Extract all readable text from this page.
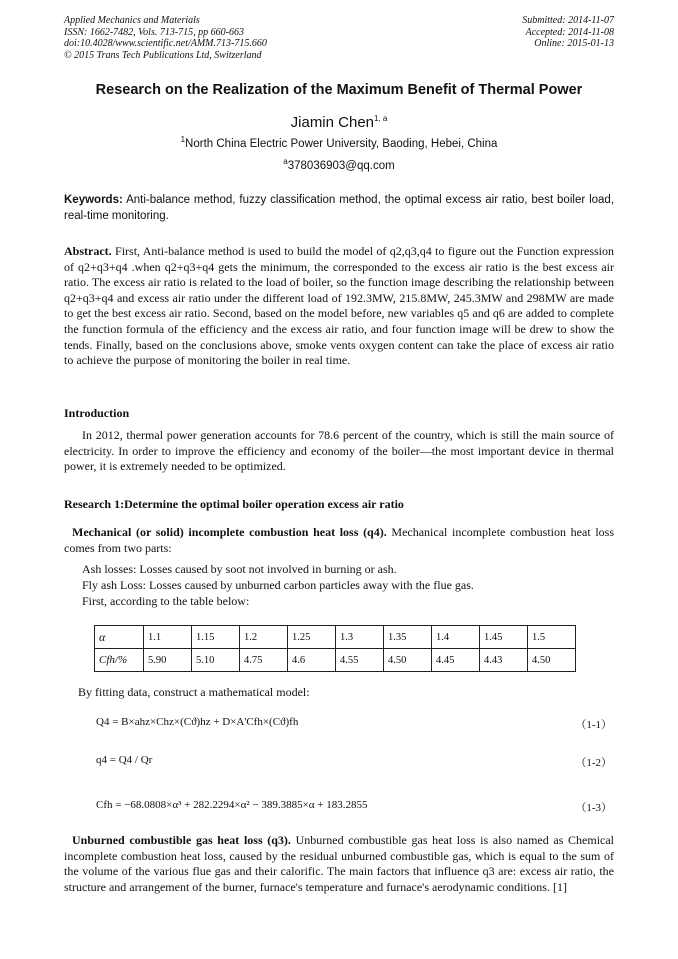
Applied Mechanics and Materials
ISSN: 1662-7482, Vols. 713-715, pp 660-663
doi:10.4028/www.scientific.net/AMM.713-715.660
© 2015 Trans Tech Publications Ltd, Switzerland
Submitted: 2014-11-07
Accepted: 2014-11-08
Online: 2015-01-13
Research on the Realization of the Maximum Benefit of Thermal Power
Jiamin Chen$^{1, a}$
$^1$North China Electric Power University, Baoding, Hebei, China
$^a$378036903@qq.com
Keywords: Anti-balance method, fuzzy classification method, the optimal excess air ratio, best boiler load, real-time monitoring.
Abstract. First, Anti-balance method is used to build the model of q2,q3,q4 to figure out the Function expression of q2+q3+q4 .when q2+q3+q4 gets the minimum, the corresponded to the excess air ratio is the best excess air ratio. The excess air ratio is related to the load of boiler, so the function image describing the relationship between q2+q3+q4 and excess air ratio under the different load of 192.3MW, 215.8MW, 245.3MW and 298MW are made to get the best excess air ratio. Second, based on the model before, new variables q5 and q6 are added to complete the function formula of the efficiency and the excess air ratio, and four function image will be drew to show the tends. Finally, based on the conclusions above, smoke vents oxygen content can take the place of excess air ratio to achieve the purpose of monitoring the boiler in real time.
Introduction
In 2012, thermal power generation accounts for 78.6 percent of the country, which is still the main source of electricity. In order to improve the efficiency and economy of the boiler—the most important device in thermal power, it is extremely needed to be optimized.
Research 1:Determine the optimal boiler operation excess air ratio
Mechanical (or solid) incomplete combustion heat loss (q4). Mechanical incomplete combustion heat loss comes from two parts:
Ash losses: Losses caused by soot not involved in burning or ash.
Fly ash Loss: Losses caused by unburned carbon particles away with the flue gas.
First, according to the table below:
α	1.1	1.15	1.2	1.25	1.3	1.35	1.4	1.45	1.5
Cfh/%	5.90	5.10	4.75	4.6	4.55	4.50	4.45	4.43	4.50
By fitting data, construct a mathematical model:
Q4 = B×ahz×Chz×(Cϑ)hz + D×A'Cfh×(Cϑ)fh	（1-1）
q4 = Q4 / Qr	（1-2）
Cfh = −68.0808×α³ + 282.2294×α² − 389.3885×α + 183.2855	（1-3）
Unburned combustible gas heat loss (q3). Unburned combustible gas heat loss is also named as Chemical incomplete combustion heat loss, caused by the residual unburned combustible gas, which is equal to the sum of the volume of the various flue gas and their calorific. The main factors that influence q3 are: excess air ratio, the structure and arrangement of the burner, furnace's temperature and furnace's aerodynamic conditions. [1]
